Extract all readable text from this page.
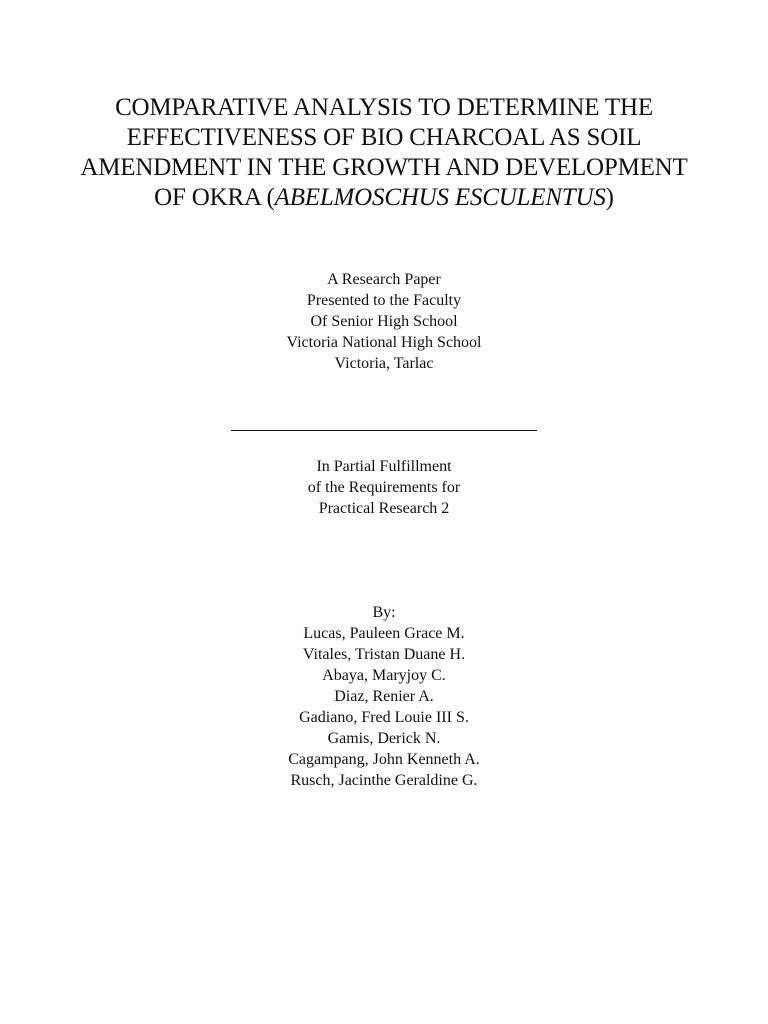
COMPARATIVE ANALYSIS TO DETERMINE THE
EFFECTIVENESS OF BIO CHARCOAL AS SOIL
AMENDMENT IN THE GROWTH AND DEVELOPMENT
OF OKRA (ABELMOSCHUS ESCULENTUS)
A Research Paper
Presented to the Faculty
Of Senior High School
Victoria National High School
Victoria, Tarlac
In Partial Fulfillment
of the Requirements for
Practical Research 2
By:
Lucas, Pauleen Grace M.
Vitales, Tristan Duane H.
Abaya, Maryjoy C.
Diaz, Renier A.
Gadiano, Fred Louie III S.
Gamis, Derick N.
Cagampang, John Kenneth A.
Rusch, Jacinthe Geraldine G.
